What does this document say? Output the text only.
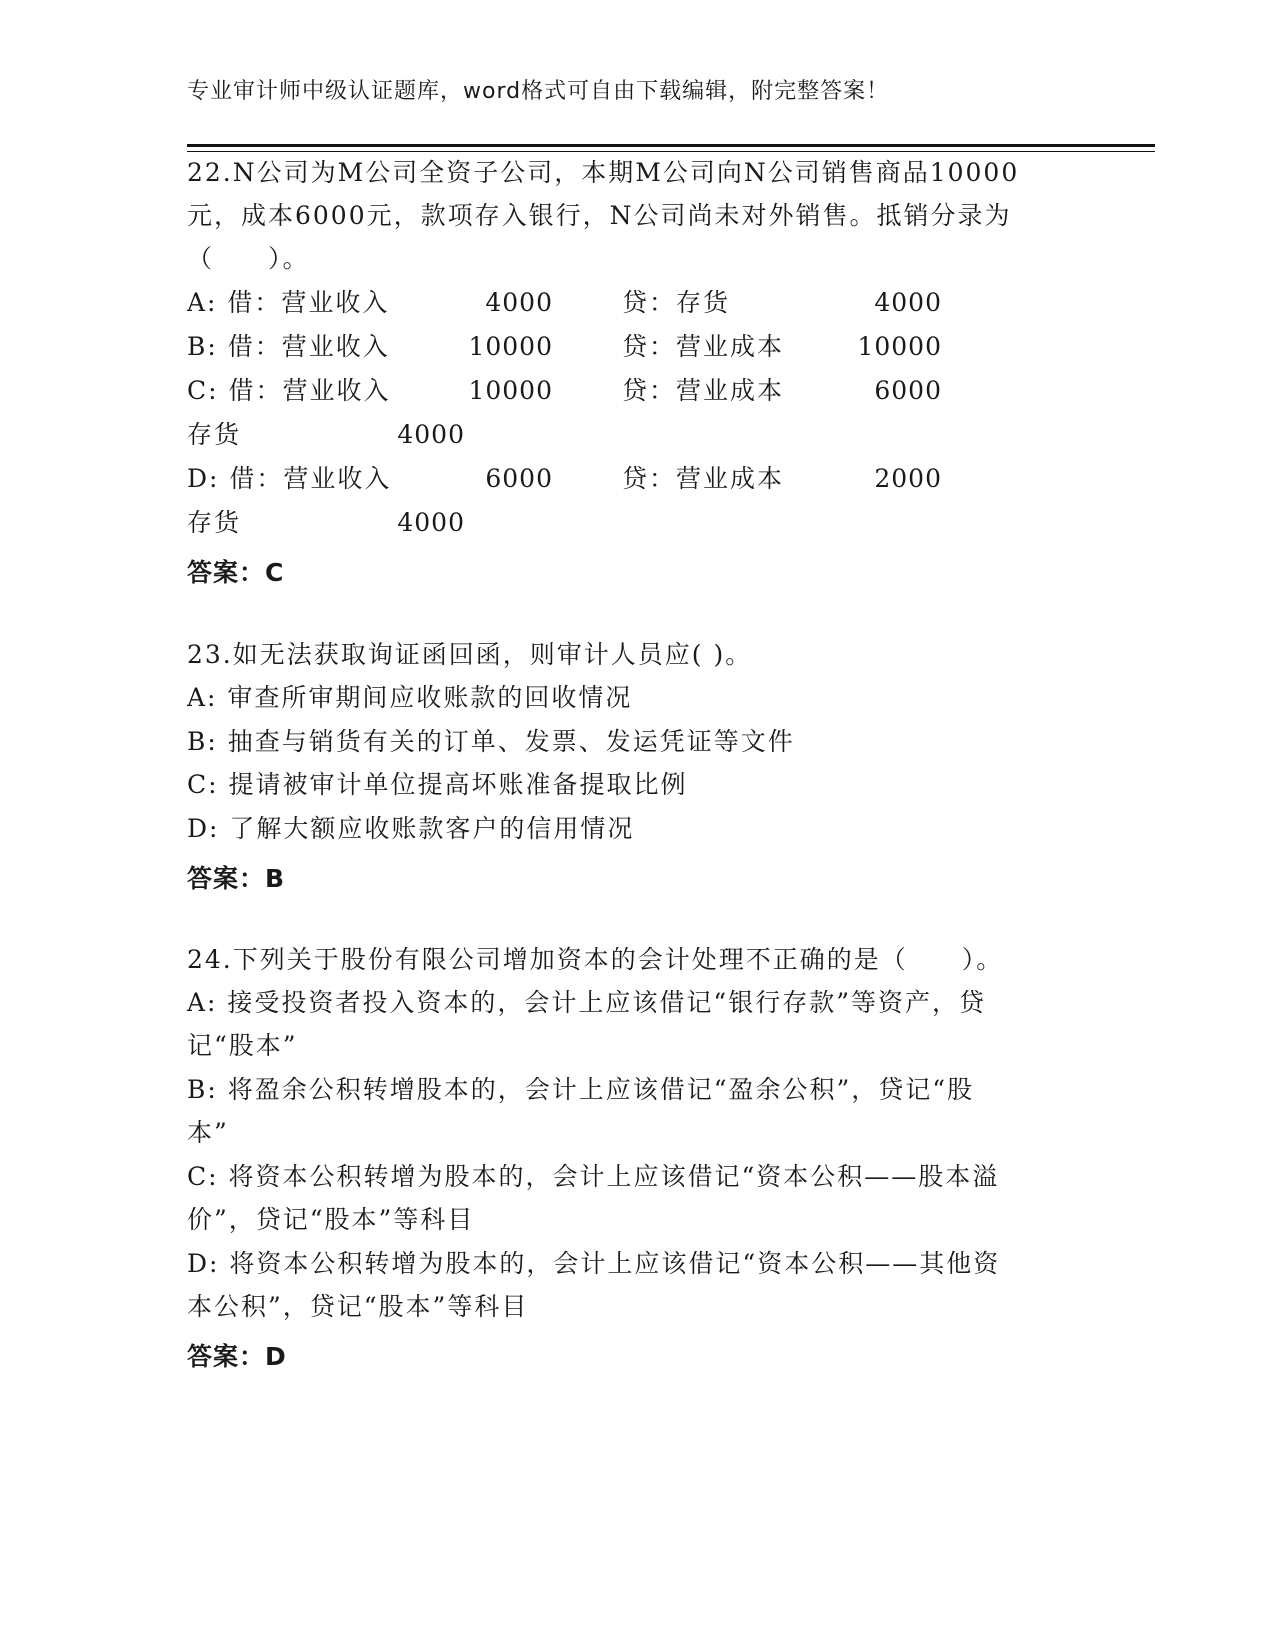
专业审计师中级认证题库，word格式可自由下载编辑，附完整答案！
22.N公司为M公司全资子公司，本期M公司向N公司销售商品10000
元，成本6000元，款项存入银行，N公司尚未对外销售。抵销分录为
（　　）。
A: 借：营业收入	4000	贷：存货	4000
B: 借：营业收入	10000	贷：营业成本	10000
C: 借：营业收入	10000	贷：营业成本	6000
存货	4000
D: 借：营业收入	6000	贷：营业成本	2000
存货	4000
答案：C
23.如无法获取询证函回函，则审计人员应( )。
A: 审查所审期间应收账款的回收情况
B: 抽查与销货有关的订单、发票、发运凭证等文件
C: 提请被审计单位提高坏账准备提取比例
D: 了解大额应收账款客户的信用情况
答案：B
24.下列关于股份有限公司增加资本的会计处理不正确的是（　　）。
A: 接受投资者投入资本的，会计上应该借记“银行存款”等资产，贷
记“股本”
B: 将盈余公积转增股本的，会计上应该借记“盈余公积”，贷记“股
本”
C: 将资本公积转增为股本的，会计上应该借记“资本公积——股本溢
价”，贷记“股本”等科目
D: 将资本公积转增为股本的，会计上应该借记“资本公积——其他资
本公积”，贷记“股本”等科目
答案：D
